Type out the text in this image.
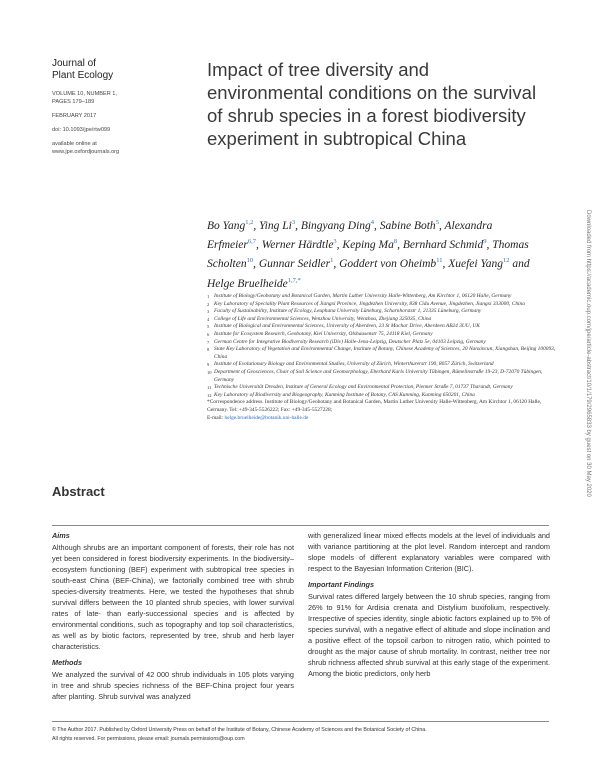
Journal of
Plant Ecology
VOLUME 10, NUMBER 1,
PAGES 179–189
FEBRUARY 2017
doi: 10.1093/jpe/rtw099
available online at
www.jpe.oxfordjournals.org
Impact of tree diversity and environmental conditions on the survival of shrub species in a forest biodiversity experiment in subtropical China
Bo Yang$^{1,2}$, Ying Li$^3$, Bingyang Ding$^4$, Sabine Both$^5$, Alexandra Erfmeier$^{6,7}$, Werner Härdtle$^3$, Keping Ma$^8$, Bernhard Schmid$^9$, Thomas Scholten$^{10}$, Gunnar Seidler$^1$, Goddert von Oheimb$^{11}$, Xuefei Yang$^{12}$ and Helge Bruelheide$^{1,7,*}$
1 Institute of Biology/Geobotany and Botanical Garden, Martin Luther University Halle-Wittenberg, Am Kirchtor 1, 06120 Halle, Germany
2 Key Laboratory of Speciality Plant Resources of Jiangxi Province, Jingdezhen University, 838 Cidu Avenue, Jingdezhen, Jiangxi 333000, China
3 Faculty of Sustainability, Institute of Ecology, Leuphana University Lüneburg, Scharnhorststr 1, 21335 Lüneburg, Germany
4 College of Life and Environmental Sciences, Wenzhou University, Wenzhou, Zhejiang 325035, China
5 Institute of Biological and Environmental Sciences, University of Aberdeen, 23 St Machar Drive, Aberdeen AB24 3UU, UK
6 Institute for Ecosystem Research, Geobotany, Kiel University, Olshausenstr 75, 24118 Kiel, Germany
7 German Centre for Integrative Biodiversity Research (iDiv) Halle-Jena-Leipzig, Deutscher Platz 5e, 04103 Leipzig, Germany
8 State Key Laboratory of Vegetation and Environmental Change, Institute of Botany, Chinese Academy of Sciences, 20 Nanxincun, Xiangshan, Beijing 100093, China
9 Institute of Evolutionary Biology and Environmental Studies, University of Zürich, Winterthurerstr 190, 8057 Zürich, Switzerland
10 Department of Geosciences, Chair of Soil Science and Geomorphology, Eberhard Karls University Tübingen, Rümelinstraße 19-23, D-72070 Tübingen, Germany
11 Technische Universität Dresden, Institute of General Ecology and Environmental Protection, Pienner Straße 7, 01737 Tharandt, Germany
12 Key Laboratory of Biodiversity and Biogeography, Kunming Institute of Botany, CAS Kunming, Kunming 650201, China
*Correspondence address. Institute of Biology/Geobotany and Botanical Garden, Martin Luther University Halle-Wittenberg, Am Kirchtor 1, 06120 Halle, Germany. Tel: +49-345-5526222; Fax: +49-345-5527228;
E-mail: helge.bruelheide@botanik.uni-halle.de
Abstract
Aims

Although shrubs are an important component of forests, their role has not yet been considered in forest biodiversity experiments. In the biodiversity–ecosystem functioning (BEF) experiment with subtropical tree species in south-east China (BEF-China), we factorially combined tree with shrub species-diversity treatments. Here, we tested the hypotheses that shrub survival differs between the 10 planted shrub species, with lower survival rates of late- than early-successional species and is affected by environmental conditions, such as topography and top soil characteristics, as well as by biotic factors, represented by tree, shrub and herb layer characteristics.

Methods

We analyzed the survival of 42 000 shrub individuals in 105 plots varying in tree and shrub species richness of the BEF-China project four years after planting. Shrub survival was analyzed

with generalized linear mixed effects models at the level of individuals and with variance partitioning at the plot level. Random intercept and random slope models of different explanatory variables were compared with respect to the Bayesian Information Criterion (BIC).

Important Findings

Survival rates differed largely between the 10 shrub species, ranging from 26% to 91% for Ardisia crenata and Distylium buxifolium, respectively. Irrespective of species identity, single abiotic factors explained up to 5% of species survival, with a negative effect of altitude and slope inclination and a positive effect of the topsoil carbon to nitrogen ratio, which pointed to drought as the major cause of shrub mortality. In contrast, neither tree nor shrub richness affected shrub survival at this early stage of the experiment. Among the biotic predictors, only herb

© The Author 2017. Published by Oxford University Press on behalf of the Institute of Botany, Chinese Academy of Sciences and the Botanical Society of China.
All rights reserved. For permissions, please email: journals.permissions@oup.com
Downloaded from https://academic.oup.com/jpe/article-abstract/10/1/179/2965833 by guest on 30 May 2020
